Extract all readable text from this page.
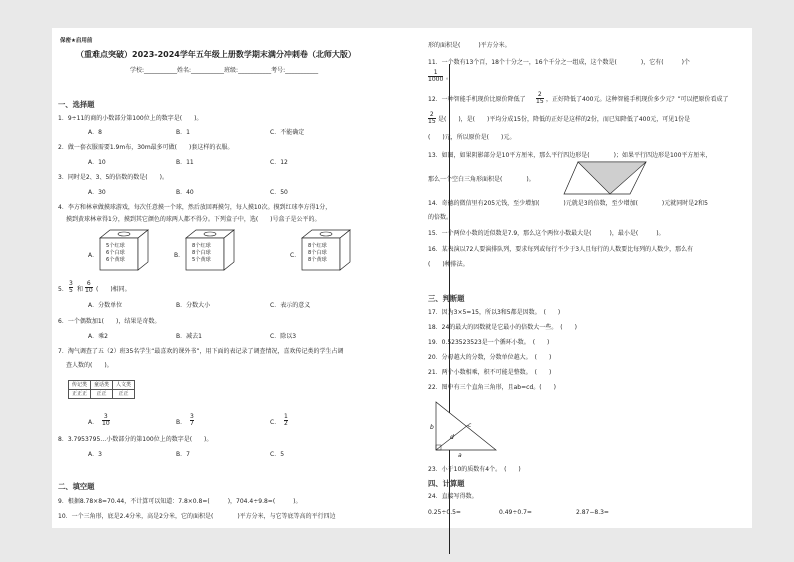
保密★启用前
（重难点突破）2023-2024学年五年级上册数学期末满分冲刺卷（北师大版）
学校:___________姓名:___________班级:___________考号:___________
一、选择题
1．9÷11的商的小数部分第100位上的数字是(　　)。
A．8	B．1	C．不能确定
2．做一套衣服需要1.9m布，30m最多可做(　　)套这样的衣服。
A．10	B．11	C．12
3．同时是2、3、5的倍数的数是(　　)。
A．30	B．40	C．50
4．李方和林章做摸球游戏，每次任意摸一个球，然后放回再摸匀，每人摸10次。摸到红球李方得1分，
摸到黄球林章得1分，摸到其它颜色的球两人都不得分。下列盒子中，选(　　)号盒子是公平的。
A．
5个红球
6个白球
6个黄球
B．
8个红球
8个白球
5个黄球
C．
8个红球
8个白球
8个黄球
5． $\frac{3}{5}$ 和 $\frac{6}{10}$ (　　)相同。
A．分数单位	B．分数大小	C．表示的意义
6．一个偶数加1(　　)，结果是奇数。
A．乘2	B．减去1	C．除以3
7．淘气调查了五（2）班35名学生“最喜欢的课外书”，用下面的表记录了调查情况，喜欢传记类的学生占调
查人数的(　　)。
传记类	童话类	人文类
正正正	正正	正正
A． $\frac{3}{10}$	B． $\frac{3}{7}$	C． $\frac{1}{2}$
8．3.7953795…小数部分的第100位上的数字是(　　)。
A．3	B．7	C．5
二、填空题
9．根据8.78×8=70.44，不计算可以知道：7.8×0.8=(　　　)，704.4÷9.8=(　　　)。
10．一个三角形，底是2.4分米，高是2分米，它的面积是(　　　　)平方分米，与它等底等高的平行四边
形的面积是(　　　)平方分米。
11．一个数有13个百，18个十分之一，16个千分之一组成，这个数是(　　　　)，它有(　　　)个
$\frac{1}{1000}$ 。
12．一种智能手机现价比原价降低了 $\frac{2}{15}$ ，正好降低了400元。这种智能手机现价多少元？”可以把原价看成了
$\frac{2}{15}$ 是(　　)，是(　　)平均分成15份，降低的正好是这样的2份，而已知降低了400元，可见1份是
(　　)元，所以原价是(　　)元。
13．如图，如果阴影部分是10平方厘米，那么平行四边形是(　　　　)；如果平行四边形是100平方厘米，
那么一个空白三角形面积是(　　　　)。
14．奇德的微信里有205元钱，至少增加(　　　　)元就是3的倍数，至少增加(　　　　)元就同时是2和5
的倍数。
15．一个两位小数的近似数是7.9，那么这个两位小数最大是(　　　)，最小是(　　　)。
16．某表演以72人要演排队列，要求每列或每行不少于3人且每行的人数要比每列的人数少，那么有
(　　)种排法。
三、判断题
17．因为3×5=15，所以3和5都是因数。　(　　)
18．24的最大的因数就是它最小的倍数大一些。　(　　)
19．0.523523523是一个循环小数。　(　　)
20．分母越大的分数，分数单位越大。　(　　)
21．两个小数相乘，积不可能是整数。　(　　)
22．图中有三个直角三角形，且ab=cd。(　　)
b	c
d
a
23．小于10的质数有4个。　(　　)
四、计算题
24．直接写得数。
0.25÷0.5=	0.49÷0.7=	2.87−8.3=
